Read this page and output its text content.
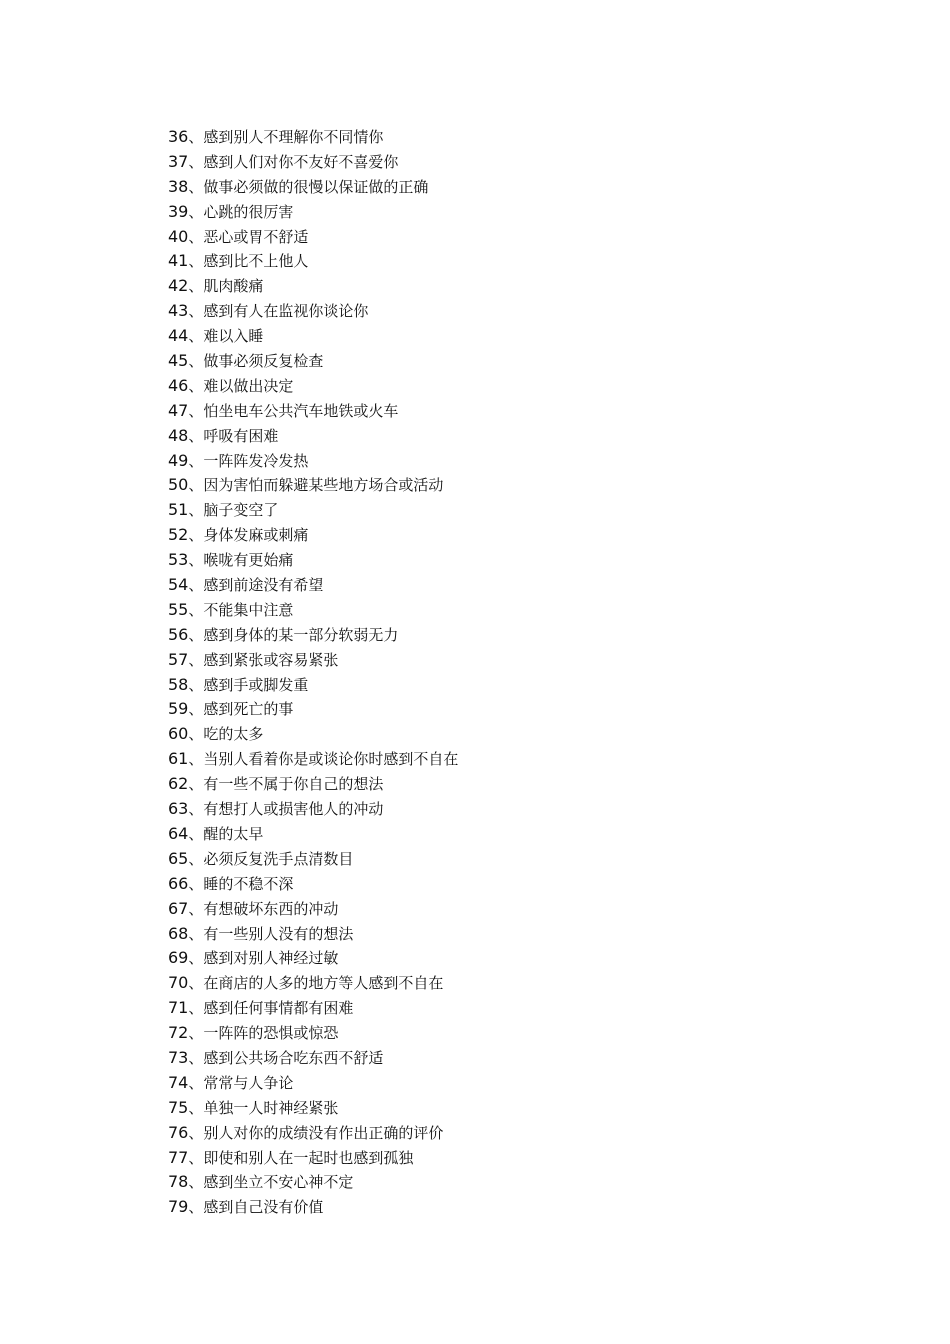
36、感到别人不理解你不同情你
37、感到人们对你不友好不喜爱你
38、做事必须做的很慢以保证做的正确
39、心跳的很厉害
40、恶心或胃不舒适
41、感到比不上他人
42、肌肉酸痛
43、感到有人在监视你谈论你
44、难以入睡
45、做事必须反复检查
46、难以做出决定
47、怕坐电车公共汽车地铁或火车
48、呼吸有困难
49、一阵阵发冷发热
50、因为害怕而躲避某些地方场合或活动
51、脑子变空了
52、身体发麻或刺痛
53、喉咙有更始痛
54、感到前途没有希望
55、不能集中注意
56、感到身体的某一部分软弱无力
57、感到紧张或容易紧张
58、感到手或脚发重
59、感到死亡的事
60、吃的太多
61、当别人看着你是或谈论你时感到不自在
62、有一些不属于你自己的想法
63、有想打人或损害他人的冲动
64、醒的太早
65、必须反复洗手点清数目
66、睡的不稳不深
67、有想破坏东西的冲动
68、有一些别人没有的想法
69、感到对别人神经过敏
70、在商店的人多的地方等人感到不自在
71、感到任何事情都有困难
72、一阵阵的恐惧或惊恐
73、感到公共场合吃东西不舒适
74、常常与人争论
75、单独一人时神经紧张
76、别人对你的成绩没有作出正确的评价
77、即使和别人在一起时也感到孤独
78、感到坐立不安心神不定
79、感到自己没有价值
